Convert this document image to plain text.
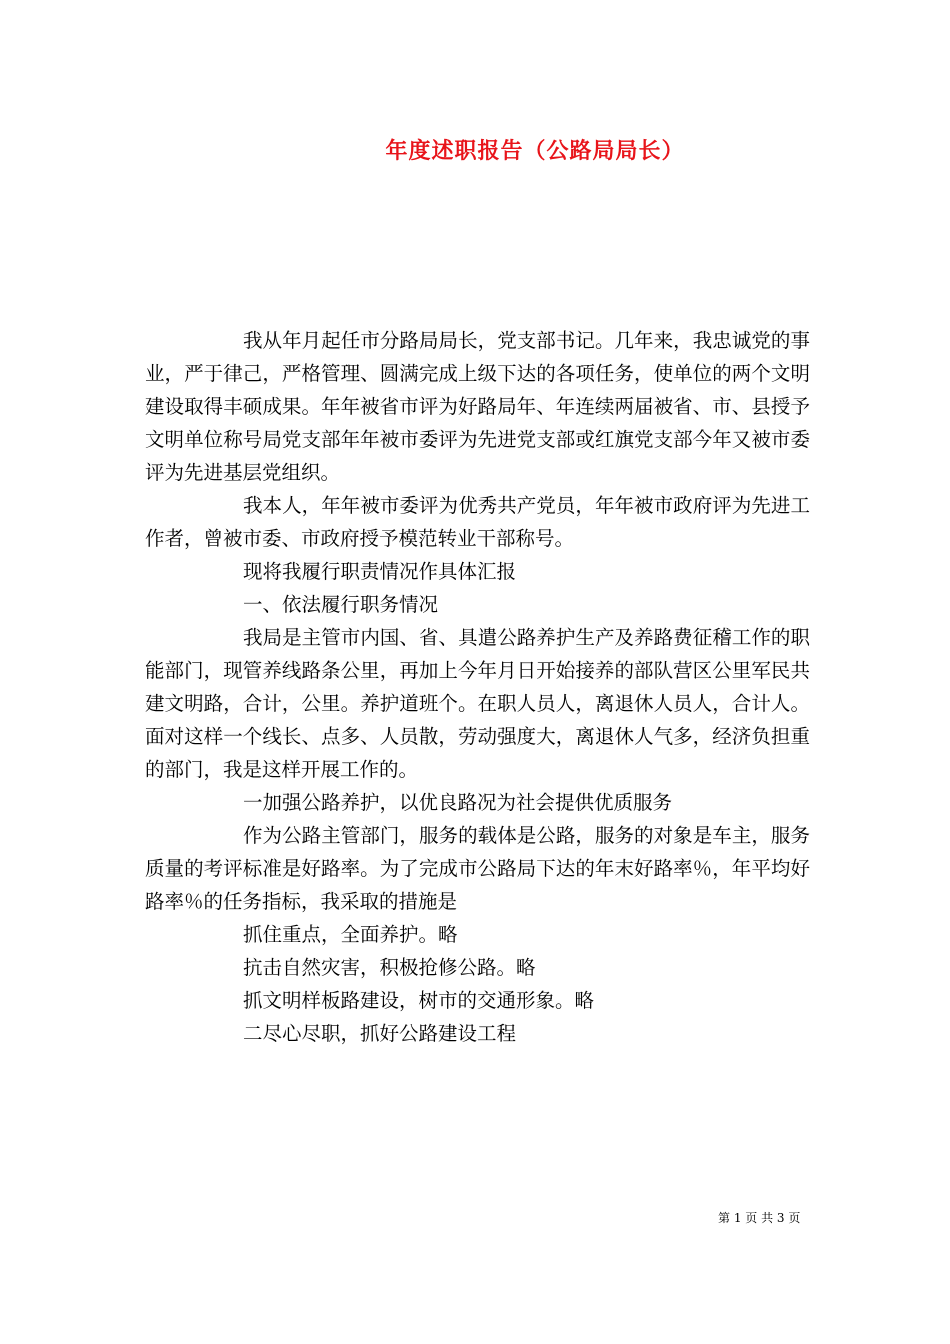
年度述职报告（公路局局长）

我从年月起任市分路局局长，党支部书记。几年来，我忠诚党的事业，严于律己，严格管理、圆满完成上级下达的各项任务，使单位的两个文明建设取得丰硕成果。年年被省市评为好路局年、年连续两届被省、市、县授予文明单位称号局党支部年年被市委评为先进党支部或红旗党支部今年又被市委评为先进基层党组织。

我本人，年年被市委评为优秀共产党员，年年被市政府评为先进工作者，曾被市委、市政府授予模范转业干部称号。

现将我履行职责情况作具体汇报

一、依法履行职务情况

我局是主管市内国、省、具遣公路养护生产及养路费征稽工作的职能部门，现管养线路条公里，再加上今年月日开始接养的部队营区公里军民共建文明路，合计，公里。养护道班个。在职人员人，离退休人员人，合计人。面对这样一个线长、点多、人员散，劳动强度大，离退休人气多，经济负担重的部门，我是这样开展工作的。

一加强公路养护，以优良路况为社会提供优质服务

作为公路主管部门，服务的载体是公路，服务的对象是车主，服务质量的考评标准是好路率。为了完成市公路局下达的年末好路率％，年平均好路率％的任务指标，我采取的措施是

抓住重点，全面养护。略

抗击自然灾害，积极抢修公路。略

抓文明样板路建设，树市的交通形象。略

二尽心尽职，抓好公路建设工程

第 1 页 共 3 页
